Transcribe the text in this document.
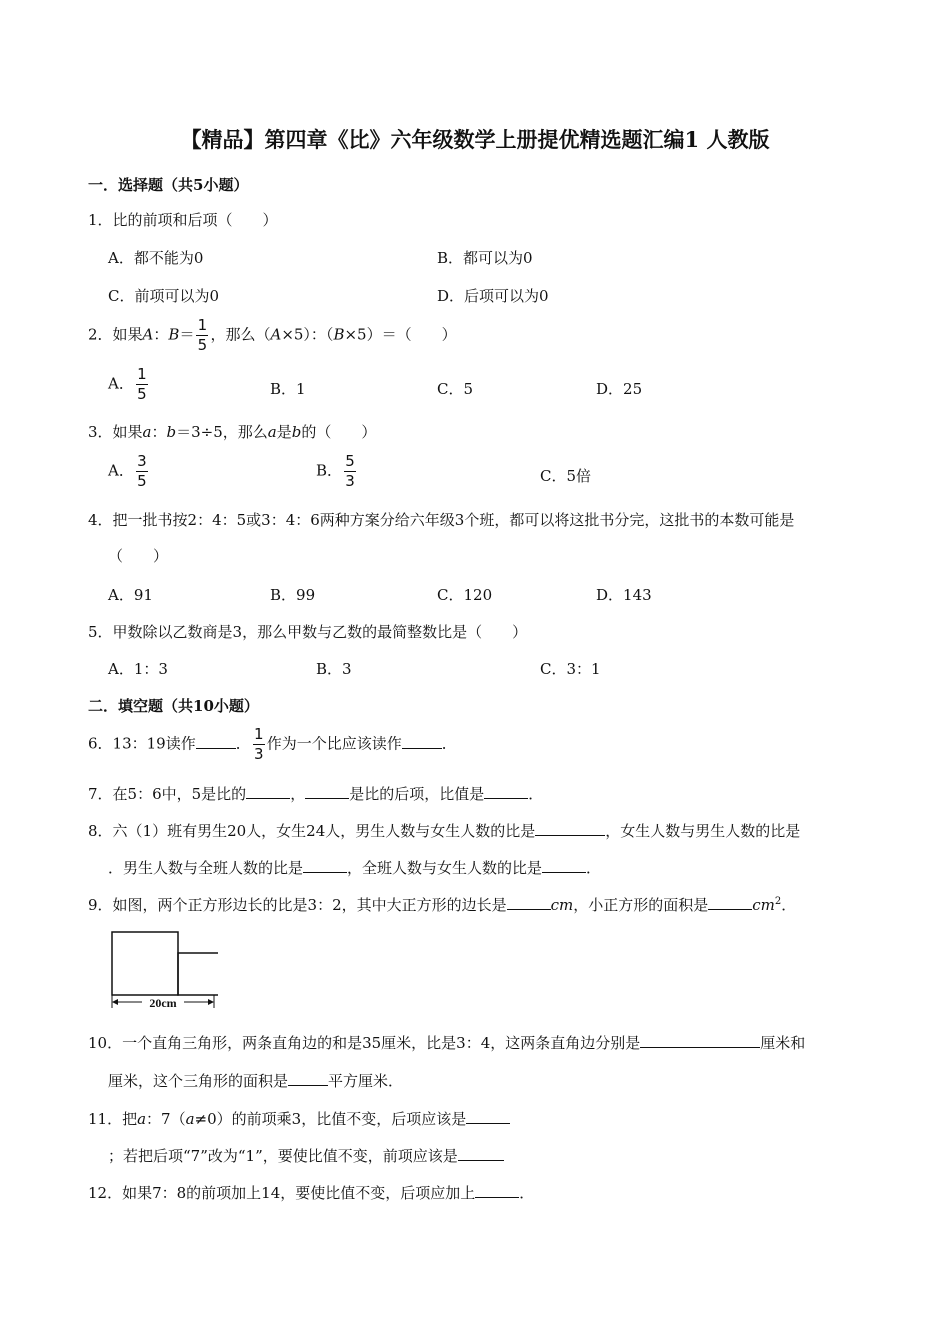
【精品】第四章《比》六年级数学上册提优精选题汇编1 人教版
一．选择题（共5小题）
1．比的前项和后项（　　）
A．都不能为0	B．都可以为0
C．前项可以为0	D．后项可以为0
2．如果A：$B= \frac{1}{5}$ ，那么（A×5）：（B×5）＝（　　）
A． $\frac{1}{5}$	B．1	C．5	D．25
3．如果a：b＝3÷5，那么a是b的（　　）
A． $\frac{3}{5}$	B． $\frac{5}{3}$	C．5倍
4．把一批书按2：4：5或3：4：6两种方案分给六年级3个班，都可以将这批书分完，这批书的本数可能是
（　　）
A．91	B．99	C．120	D．143
5．甲数除以乙数商是3，那么甲数与乙数的最简整数比是（　　）
A．1：3	B．3	C．3：1
二．填空题（共10小题）
6．13：19读作	． $\frac{1}{3}$ 作为一个比应该读作	．
7．在5：6中，5是比的	，	是比的后项，比值是	．
8．六（1）班有男生20人，女生24人，男生人数与女生人数的比是	，女生人数与男生人数的比是
．男生人数与全班人数的比是	，全班人数与女生人数的比是	．
9．如图，两个正方形边长的比是3：2，其中大正方形的边长是	cm，小正方形的面积是	$cm^2$．
20cm
10．一个直角三角形，两条直角边的和是35厘米，比是3：4，这两条直角边分别是	厘米和
厘米，这个三角形的面积是	平方厘米．
11．把a：7（a≠0）的前项乘3，比值不变，后项应该是
；若把后项“7”改为“1”，要使比值不变，前项应该是
12．如果7：8的前项加上14，要使比值不变，后项应加上	．
